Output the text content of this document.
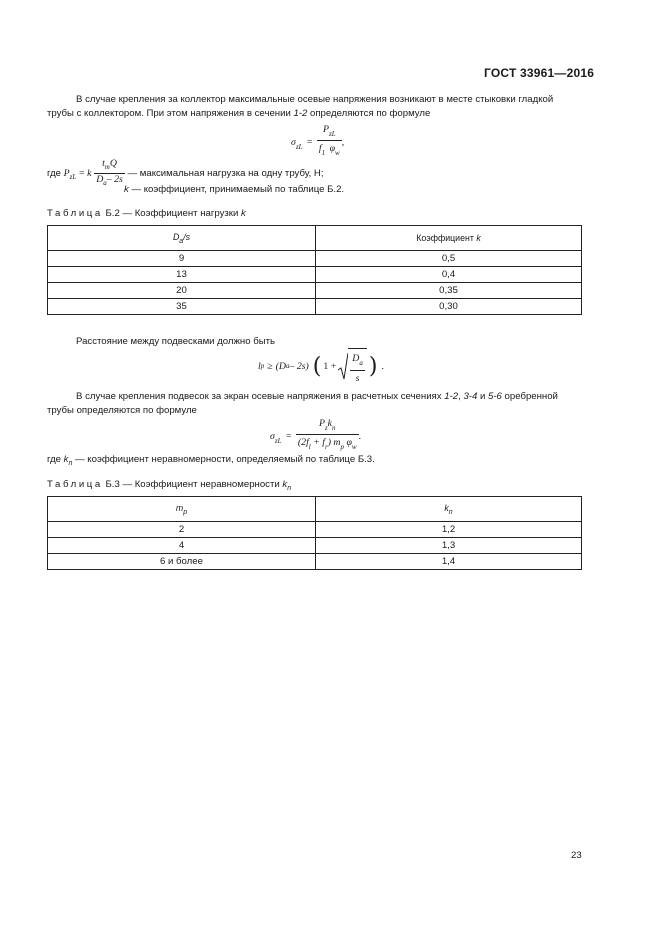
ГОСТ 33961—2016
В случае крепления за коллектор максимальные осевые напряжения возникают в месте стыковки гладкой
трубы с коллектором. При этом напряжения в сечении 1-2 определяются по формуле
$\sigma_{zL} = \frac{P_{zL}}{f_1 \varphi_w}$ ,
где $P_{zL} = k \frac{t_mQ}{D_a- 2s}$ — максимальная нагрузка на одну трубу, Н;
k — коэффициент, принимаемый по таблице Б.2.
Таблица Б.2 — Коэффициент нагрузки k
$D_a/s$	Коэффициент k
9	0,5
13	0,4
20	0,35
35	0,30
Расстояние между подвесками должно быть
l p ≥ (D a – 2s) ( $1 + \frac{D_a}{s}$ ) .
В случае крепления подвесок за экран осевые напряжения в расчетных сечениях 1-2, 3-4 и 5-6 оребренной
трубы определяются по формуле
$\sigma_{zL} = \frac{P_zk_n}{(2f_l + f_r) m_p \varphi_w}$ .
где $k_n$ — коэффициент неравномерности, определяемый по таблице Б.3.
Таблица Б.3 — Коэффициент неравномерности $k_n$
$m_p$	$k_n$
2	1,2
4	1,3
6 и более	1,4
23
